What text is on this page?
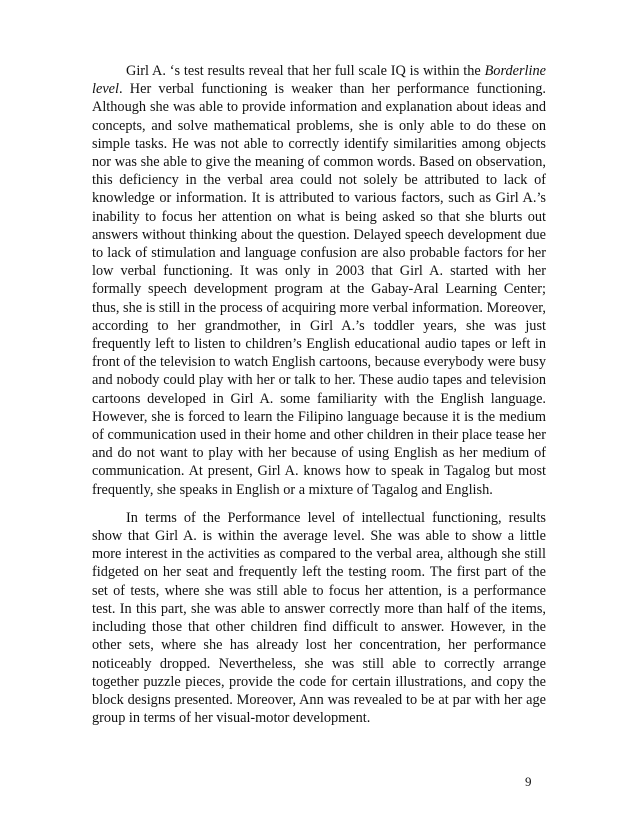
Girl A. ‘s test results reveal that her full scale IQ is within the Borderline level. Her verbal functioning is weaker than her performance functioning. Although she was able to provide information and explanation about ideas and concepts, and solve mathematical problems, she is only able to do these on simple tasks. He was not able to correctly identify similarities among objects nor was she able to give the meaning of common words. Based on observation, this deficiency in the verbal area could not solely be attributed to lack of knowledge or information. It is attributed to various factors, such as Girl A.’s inability to focus her attention on what is being asked so that she blurts out answers without thinking about the question. Delayed speech development due to lack of stimulation and language confusion are also probable factors for her low verbal functioning. It was only in 2003 that Girl A. started with her formally speech development program at the Gabay-Aral Learning Center; thus, she is still in the process of acquiring more verbal information. Moreover, according to her grandmother, in Girl A.’s toddler years, she was just frequently left to listen to children’s English educational audio tapes or left in front of the television to watch English cartoons, because everybody were busy and nobody could play with her or talk to her. These audio tapes and television cartoons developed in Girl A. some familiarity with the English language. However, she is forced to learn the Filipino language because it is the medium of communication used in their home and other children in their place tease her and do not want to play with her because of using English as her medium of communication. At present, Girl A. knows how to speak in Tagalog but most frequently, she speaks in English or a mixture of Tagalog and English.

In terms of the Performance level of intellectual functioning, results show that Girl A. is within the average level. She was able to show a little more interest in the activities as compared to the verbal area, although she still fidgeted on her seat and frequently left the testing room. The first part of the set of tests, where she was still able to focus her attention, is a performance test. In this part, she was able to answer correctly more than half of the items, including those that other children find difficult to answer. However, in the other sets, where she has already lost her concentration, her performance noticeably dropped. Nevertheless, she was still able to correctly arrange together puzzle pieces, provide the code for certain illustrations, and copy the block designs presented. Moreover, Ann was revealed to be at par with her age group in terms of her visual-motor development.

9
